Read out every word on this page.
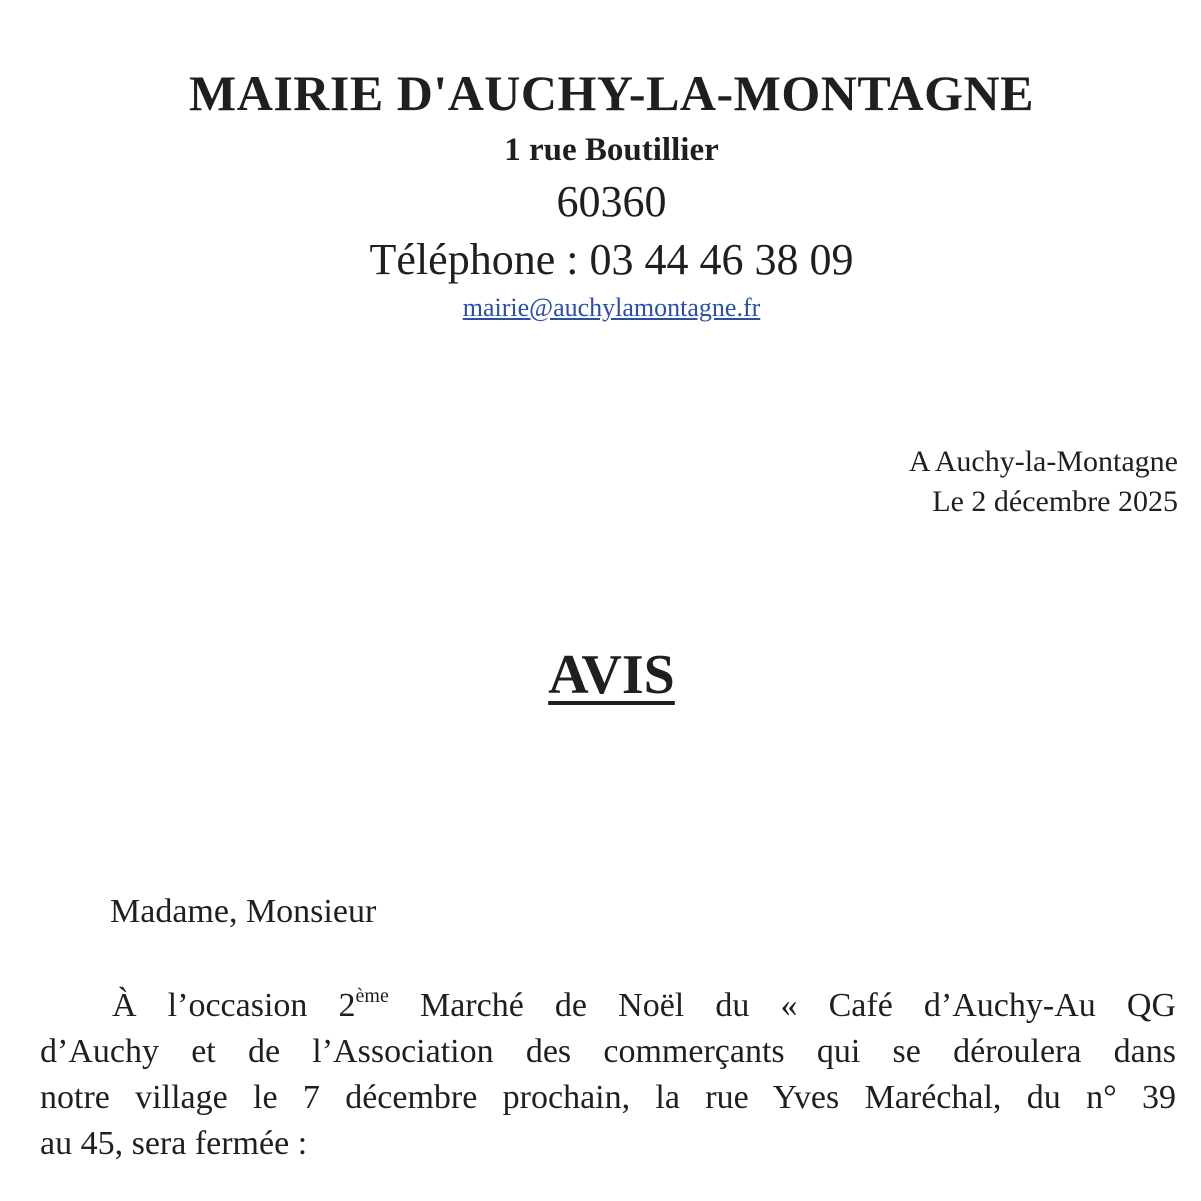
MAIRIE D'AUCHY-LA-MONTAGNE
1 rue Boutillier
60360
Téléphone : 03 44 46 38 09
mairie@auchylamontagne.fr
A Auchy-la-Montagne
Le 2 décembre 2025
AVIS
Madame, Monsieur
À l’occasion 2ème Marché de Noël du « Café d’Auchy-Au QG
d’Auchy et de l’Association des commerçants qui se déroulera dans
notre village le 7 décembre prochain, la rue Yves Maréchal, du n° 39
au 45, sera fermée :
